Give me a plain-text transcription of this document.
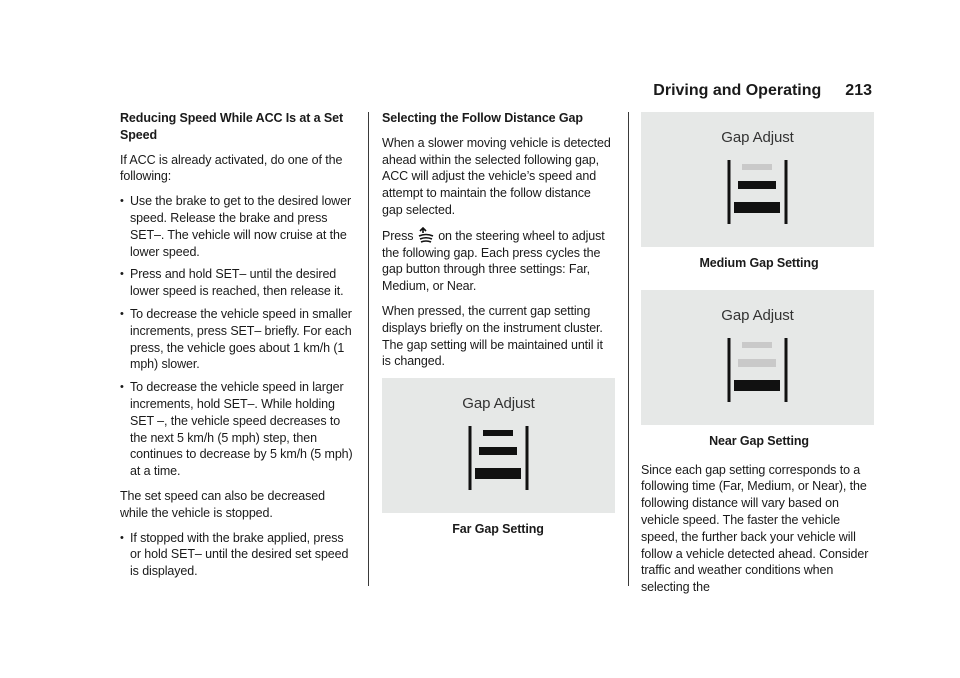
Driving and Operating 213
Reducing Speed While ACC Is at a Set Speed

If ACC is already activated, do one of the following:

• Use the brake to get to the desired lower speed. Release the brake and press SET–. The vehicle will now cruise at the lower speed.
• Press and hold SET– until the desired lower speed is reached, then release it.
• To decrease the vehicle speed in smaller increments, press SET– briefly. For each press, the vehicle goes about 1 km/h (1 mph) slower.
• To decrease the vehicle speed in larger increments, hold SET–. While holding SET –, the vehicle speed decreases to the next 5 km/h (5 mph) step, then continues to decrease by 5 km/h (5 mph) at a time.

The set speed can also be decreased while the vehicle is stopped.

• If stopped with the brake applied, press or hold SET– until the desired set speed is displayed.
Selecting the Follow Distance Gap

When a slower moving vehicle is detected ahead within the selected following gap, ACC will adjust the vehicle’s speed and attempt to maintain the follow distance gap selected.

Press on the steering wheel to adjust the following gap. Each press cycles the gap button through three settings: Far, Medium, or Near.

When pressed, the current gap setting displays briefly on the instrument cluster. The gap setting will be maintained until it is changed.

Gap Adjust
Far Gap Setting
Gap Adjust
Medium Gap Setting
Gap Adjust
Near Gap Setting

Since each gap setting corresponds to a following time (Far, Medium, or Near), the following distance will vary based on vehicle speed. The faster the vehicle speed, the further back your vehicle will follow a vehicle detected ahead. Consider traffic and weather conditions when selecting the
